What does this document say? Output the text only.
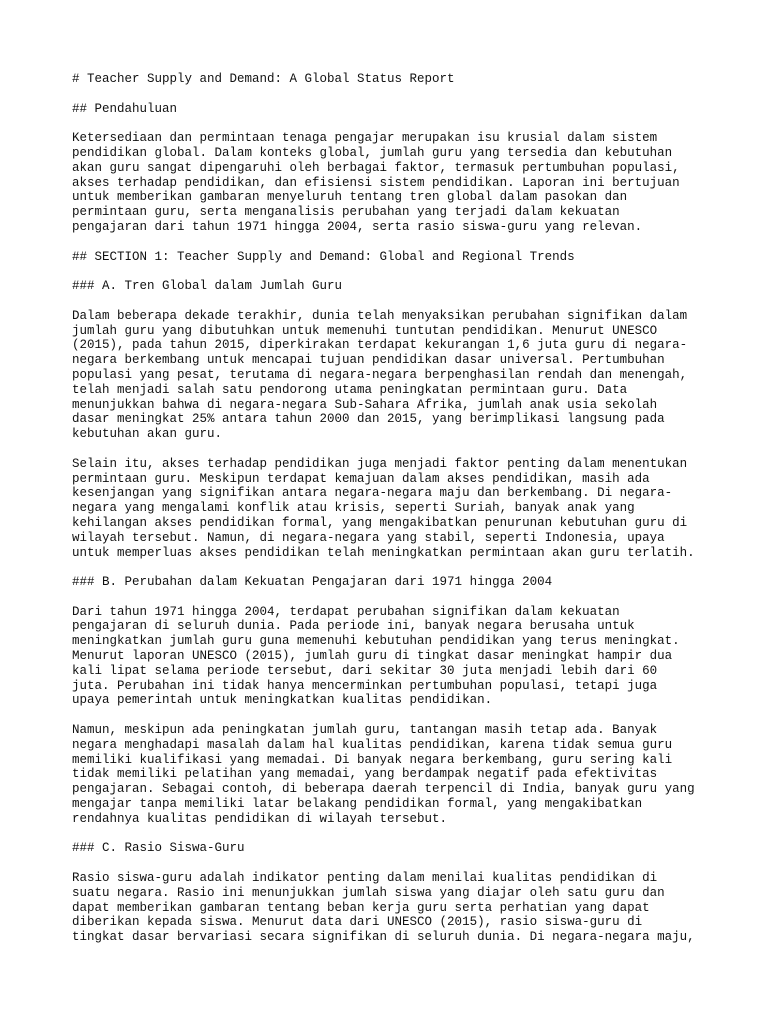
# Teacher Supply and Demand: A Global Status Report

## Pendahuluan

Ketersediaan dan permintaan tenaga pengajar merupakan isu krusial dalam sistem
pendidikan global. Dalam konteks global, jumlah guru yang tersedia dan kebutuhan
akan guru sangat dipengaruhi oleh berbagai faktor, termasuk pertumbuhan populasi,
akses terhadap pendidikan, dan efisiensi sistem pendidikan. Laporan ini bertujuan
untuk memberikan gambaran menyeluruh tentang tren global dalam pasokan dan
permintaan guru, serta menganalisis perubahan yang terjadi dalam kekuatan
pengajaran dari tahun 1971 hingga 2004, serta rasio siswa-guru yang relevan.

## SECTION 1: Teacher Supply and Demand: Global and Regional Trends

### A. Tren Global dalam Jumlah Guru

Dalam beberapa dekade terakhir, dunia telah menyaksikan perubahan signifikan dalam
jumlah guru yang dibutuhkan untuk memenuhi tuntutan pendidikan. Menurut UNESCO
(2015), pada tahun 2015, diperkirakan terdapat kekurangan 1,6 juta guru di negara-
negara berkembang untuk mencapai tujuan pendidikan dasar universal. Pertumbuhan
populasi yang pesat, terutama di negara-negara berpenghasilan rendah dan menengah,
telah menjadi salah satu pendorong utama peningkatan permintaan guru. Data
menunjukkan bahwa di negara-negara Sub-Sahara Afrika, jumlah anak usia sekolah
dasar meningkat 25% antara tahun 2000 dan 2015, yang berimplikasi langsung pada
kebutuhan akan guru.

Selain itu, akses terhadap pendidikan juga menjadi faktor penting dalam menentukan
permintaan guru. Meskipun terdapat kemajuan dalam akses pendidikan, masih ada
kesenjangan yang signifikan antara negara-negara maju dan berkembang. Di negara-
negara yang mengalami konflik atau krisis, seperti Suriah, banyak anak yang
kehilangan akses pendidikan formal, yang mengakibatkan penurunan kebutuhan guru di
wilayah tersebut. Namun, di negara-negara yang stabil, seperti Indonesia, upaya
untuk memperluas akses pendidikan telah meningkatkan permintaan akan guru terlatih.

### B. Perubahan dalam Kekuatan Pengajaran dari 1971 hingga 2004

Dari tahun 1971 hingga 2004, terdapat perubahan signifikan dalam kekuatan
pengajaran di seluruh dunia. Pada periode ini, banyak negara berusaha untuk
meningkatkan jumlah guru guna memenuhi kebutuhan pendidikan yang terus meningkat.
Menurut laporan UNESCO (2015), jumlah guru di tingkat dasar meningkat hampir dua
kali lipat selama periode tersebut, dari sekitar 30 juta menjadi lebih dari 60
juta. Perubahan ini tidak hanya mencerminkan pertumbuhan populasi, tetapi juga
upaya pemerintah untuk meningkatkan kualitas pendidikan.

Namun, meskipun ada peningkatan jumlah guru, tantangan masih tetap ada. Banyak
negara menghadapi masalah dalam hal kualitas pendidikan, karena tidak semua guru
memiliki kualifikasi yang memadai. Di banyak negara berkembang, guru sering kali
tidak memiliki pelatihan yang memadai, yang berdampak negatif pada efektivitas
pengajaran. Sebagai contoh, di beberapa daerah terpencil di India, banyak guru yang
mengajar tanpa memiliki latar belakang pendidikan formal, yang mengakibatkan
rendahnya kualitas pendidikan di wilayah tersebut.

### C. Rasio Siswa-Guru

Rasio siswa-guru adalah indikator penting dalam menilai kualitas pendidikan di
suatu negara. Rasio ini menunjukkan jumlah siswa yang diajar oleh satu guru dan
dapat memberikan gambaran tentang beban kerja guru serta perhatian yang dapat
diberikan kepada siswa. Menurut data dari UNESCO (2015), rasio siswa-guru di
tingkat dasar bervariasi secara signifikan di seluruh dunia. Di negara-negara maju,
